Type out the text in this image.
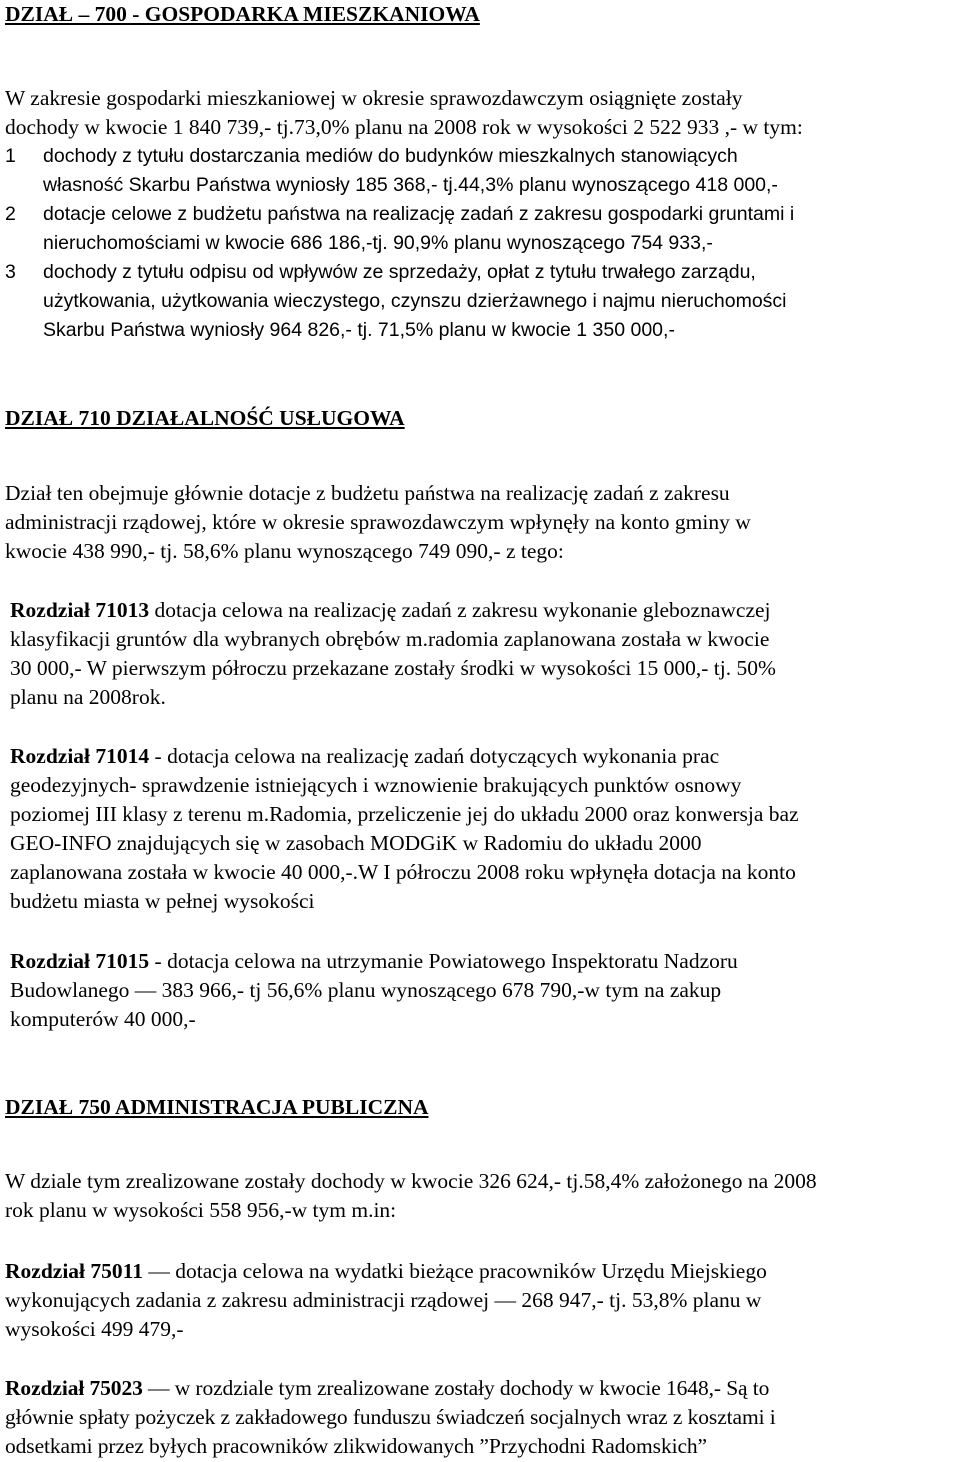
DZIAŁ – 700 - GOSPODARKA MIESZKANIOWA
W zakresie gospodarki mieszkaniowej w okresie sprawozdawczym osiągnięte zostały
dochody w kwocie 1 840 739,- tj.73,0% planu na 2008 rok w wysokości 2 522 933 ,- w tym:
1	dochody z tytułu dostarczania mediów do budynków mieszkalnych stanowiących
własność Skarbu Państwa wyniosły 185 368,- tj.44,3% planu wynoszącego 418 000,-
2	dotacje celowe z budżetu państwa na realizację zadań z zakresu gospodarki gruntami i
nieruchomościami w kwocie 686 186,-tj. 90,9% planu wynoszącego 754 933,-
3	dochody z tytułu odpisu od wpływów ze sprzedaży, opłat z tytułu trwałego zarządu,
użytkowania, użytkowania wieczystego, czynszu dzierżawnego i najmu nieruchomości
Skarbu Państwa wyniosły 964 826,- tj. 71,5% planu w kwocie 1 350 000,-
DZIAŁ 710 DZIAŁALNOŚĆ USŁUGOWA
Dział ten obejmuje głównie dotacje z budżetu państwa na realizację zadań z zakresu
administracji rządowej, które w okresie sprawozdawczym wpłynęły na konto gminy w
kwocie 438 990,- tj. 58,6% planu wynoszącego 749 090,- z tego:
Rozdział 71013 dotacja celowa na realizację zadań z zakresu wykonanie gleboznawczej
klasyfikacji gruntów dla wybranych obrębów m.radomia zaplanowana została w kwocie
30 000,- W pierwszym półroczu przekazane zostały środki w wysokości 15 000,- tj. 50%
planu na 2008rok.
Rozdział 71014 - dotacja celowa na realizację zadań dotyczących wykonania prac
geodezyjnych- sprawdzenie istniejących i wznowienie brakujących punktów osnowy
poziomej III klasy z terenu m.Radomia, przeliczenie jej do układu 2000 oraz konwersja baz
GEO-INFO znajdujących się w zasobach MODGiK w Radomiu do układu 2000
zaplanowana została w kwocie 40 000,-.W I półroczu 2008 roku wpłynęła dotacja na konto
budżetu miasta w pełnej wysokości
Rozdział 71015 - dotacja celowa na utrzymanie Powiatowego Inspektoratu Nadzoru
Budowlanego — 383 966,- tj 56,6% planu wynoszącego 678 790,-w tym na zakup
komputerów 40 000,-
DZIAŁ 750 ADMINISTRACJA PUBLICZNA
W dziale tym zrealizowane zostały dochody w kwocie 326 624,- tj.58,4% założonego na 2008
rok planu w wysokości 558 956,-w tym m.in:
Rozdział 75011 — dotacja celowa na wydatki bieżące pracowników Urzędu Miejskiego
wykonujących zadania z zakresu administracji rządowej — 268 947,- tj. 53,8% planu w
wysokości 499 479,-
Rozdział 75023 — w rozdziale tym zrealizowane zostały dochody w kwocie 1648,- Są to
głównie spłaty pożyczek z zakładowego funduszu świadczeń socjalnych wraz z kosztami i
odsetkami przez byłych pracowników zlikwidowanych ”Przychodni Radomskich”
